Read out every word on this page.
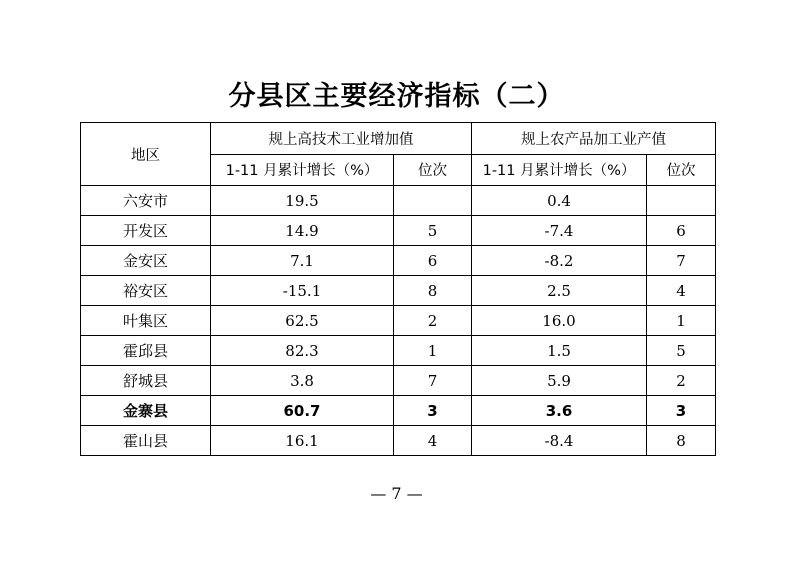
分县区主要经济指标（二）
地区	规上高技术工业增加值		规上农产品加工业产值	
	1-11 月累计增长（%）	位次	1-11 月累计增长（%）	位次
六安市	19.5		0.4	
开发区	14.9	5	-7.4	6
金安区	7.1	6	-8.2	7
裕安区	-15.1	8	2.5	4
叶集区	62.5	2	16.0	1
霍邱县	82.3	1	1.5	5
舒城县	3.8	7	5.9	2
金寨县	60.7	3	3.6	3
霍山县	16.1	4	-8.4	8
— 7 —
